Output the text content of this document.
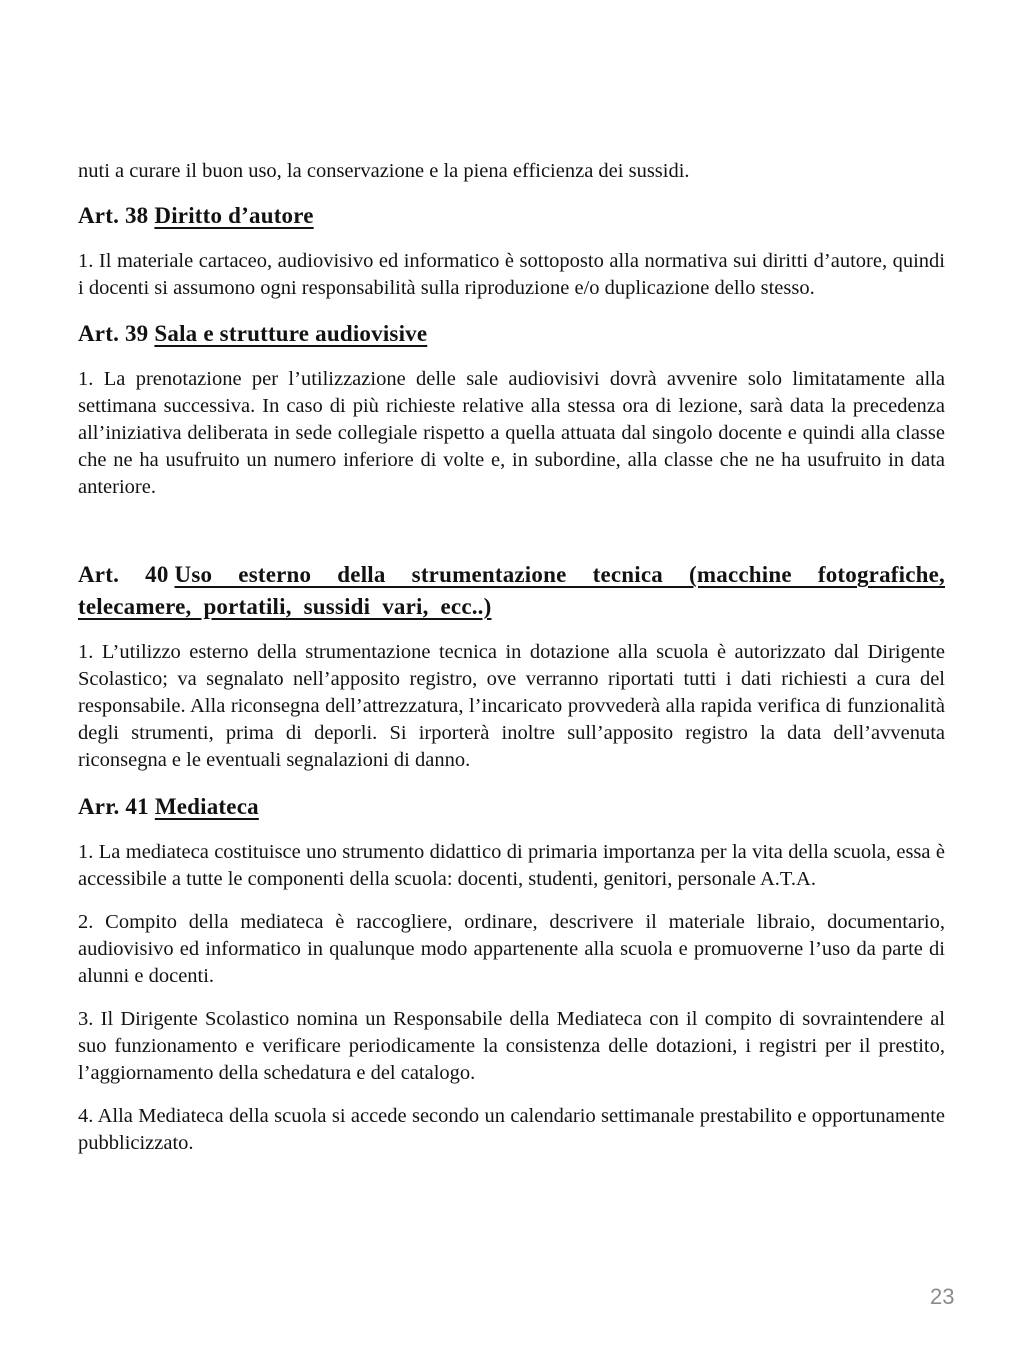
nuti a curare il buon uso, la conservazione e la piena efficienza dei sussidi.

Art. 38 Diritto d’autore

1. Il materiale cartaceo, audiovisivo ed informatico è sottoposto alla normativa sui diritti d’autore, quindi i docenti si assumono ogni responsabilità sulla riproduzione e/o duplicazione dello stesso.

Art. 39 Sala e strutture audiovisive

1. La prenotazione per l’utilizzazione delle sale audiovisivi dovrà avvenire solo limitatamente alla settimana successiva. In caso di più richieste relative alla stessa ora di lezione, sarà data la precedenza all’iniziativa deliberata in sede collegiale rispetto a quella attuata dal singolo docente e quindi alla classe che ne ha usufruito un numero inferiore di volte e, in subordine, alla classe che ne ha usufruito in data anteriore.

Art. 40 Uso esterno della strumentazione tecnica (macchine fotografiche, telecamere, portatili, sussidi vari, ecc..)

1. L’utilizzo esterno della strumentazione tecnica in dotazione alla scuola è autorizzato dal Dirigente Scolastico; va segnalato nell’apposito registro, ove verranno riportati tutti i dati richiesti a cura del responsabile. Alla riconsegna dell’attrezzatura, l’incaricato provvederà alla rapida verifica di funzionalità degli strumenti, prima di deporli. Si irporterà inoltre sull’apposito registro la data dell’avvenuta riconsegna e le eventuali segnalazioni di danno.

Arr. 41 Mediateca

1. La mediateca costituisce uno strumento didattico di primaria importanza per la vita della scuola, essa è accessibile a tutte le componenti della scuola: docenti, studenti, genitori, personale A.T.A.

2. Compito della mediateca è raccogliere, ordinare, descrivere il materiale libraio, documentario, audiovisivo ed informatico in qualunque modo appartenente alla scuola e promuoverne l’uso da parte di alunni e docenti.

3. Il Dirigente Scolastico nomina un Responsabile della Mediateca con il compito di sovraintendere al suo funzionamento e verificare periodicamente la consistenza delle dotazioni, i registri per il prestito, l’aggiornamento della schedatura e del catalogo.

4. Alla Mediateca della scuola si accede secondo un calendario settimanale prestabilito e opportunamente pubblicizzato.

23
